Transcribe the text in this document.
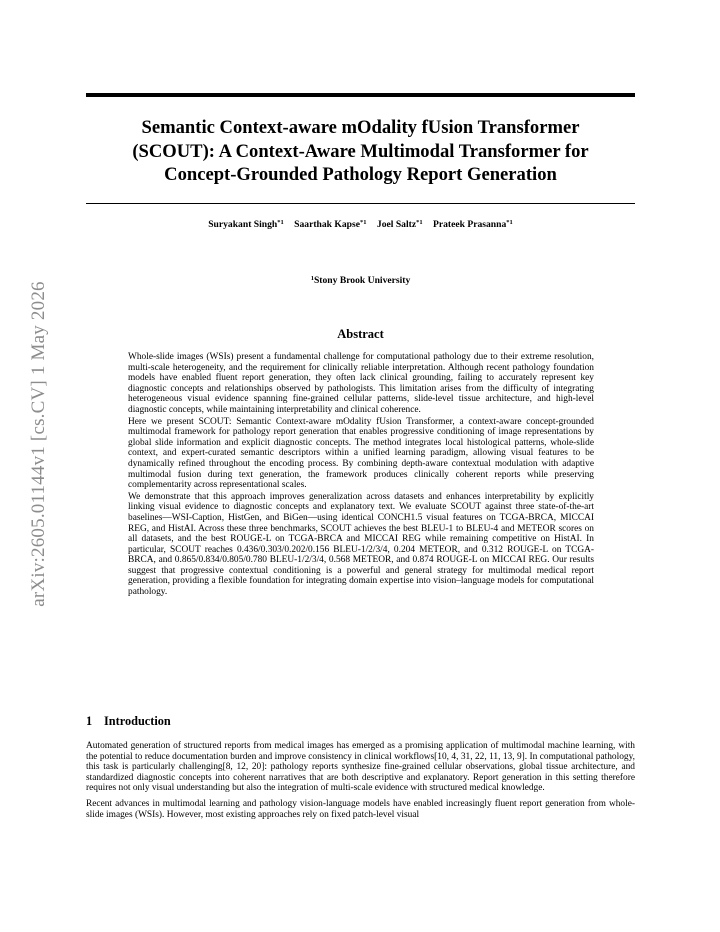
arXiv:2605.01144v1 [cs.CV] 1 May 2026
Semantic Context-aware mOdality fUsion Transformer
(SCOUT): A Context-Aware Multimodal Transformer for
Concept-Grounded Pathology Report Generation
Suryakant Singh$^{*1}$ Saarthak Kapse$^{*1}$ Joel Saltz$^{*1}$ Prateek Prasanna$^{*1}$
$^1$Stony Brook University
Abstract

Whole-slide images (WSIs) present a fundamental challenge for computational pathology due to their extreme resolution, multi-scale heterogeneity, and the requirement for clinically reliable interpretation. Although recent pathology foundation models have enabled fluent report generation, they often lack clinical grounding, failing to accurately represent key diagnostic concepts and relationships observed by pathologists. This limitation arises from the difficulty of integrating heterogeneous visual evidence spanning fine-grained cellular patterns, slide-level tissue architecture, and high-level diagnostic concepts, while maintaining interpretability and clinical coherence.

Here we present SCOUT: Semantic Context-aware mOdality fUsion Transformer, a context-aware concept-grounded multimodal framework for pathology report generation that enables progressive conditioning of image representations by global slide information and explicit diagnostic concepts. The method integrates local histological patterns, whole-slide context, and expert-curated semantic descriptors within a unified learning paradigm, allowing visual features to be dynamically refined throughout the encoding process. By combining depth-aware contextual modulation with adaptive multimodal fusion during text generation, the framework produces clinically coherent reports while preserving complementarity across representational scales.

We demonstrate that this approach improves generalization across datasets and enhances interpretability by explicitly linking visual evidence to diagnostic concepts and explanatory text. We evaluate SCOUT against three state-of-the-art baselines—WSI-Caption, HistGen, and BiGen—using identical CONCH1.5 visual features on TCGA-BRCA, MICCAI REG, and HistAI. Across these three benchmarks, SCOUT achieves the best BLEU-1 to BLEU-4 and METEOR scores on all datasets, and the best ROUGE-L on TCGA-BRCA and MICCAI REG while remaining competitive on HistAI. In particular, SCOUT reaches 0.436/0.303/0.202/0.156 BLEU-1/2/3/4, 0.204 METEOR, and 0.312 ROUGE-L on TCGA-BRCA, and 0.865/0.834/0.805/0.780 BLEU-1/2/3/4, 0.568 METEOR, and 0.874 ROUGE-L on MICCAI REG. Our results suggest that progressive contextual conditioning is a powerful and general strategy for multimodal medical report generation, providing a flexible foundation for integrating domain expertise into vision–language models for computational pathology.

1 Introduction

Automated generation of structured reports from medical images has emerged as a promising application of multimodal machine learning, with the potential to reduce documentation burden and improve consistency in clinical workflows[10, 4, 31, 22, 11, 13, 9]. In computational pathology, this task is particularly challenging[8, 12, 20]: pathology reports synthesize fine-grained cellular observations, global tissue architecture, and standardized diagnostic concepts into coherent narratives that are both descriptive and explanatory. Report generation in this setting therefore requires not only visual understanding but also the integration of multi-scale evidence with structured medical knowledge.

Recent advances in multimodal learning and pathology vision-language models have enabled increasingly fluent report generation from whole-slide images (WSIs). However, most existing approaches rely on fixed patch-level visual
